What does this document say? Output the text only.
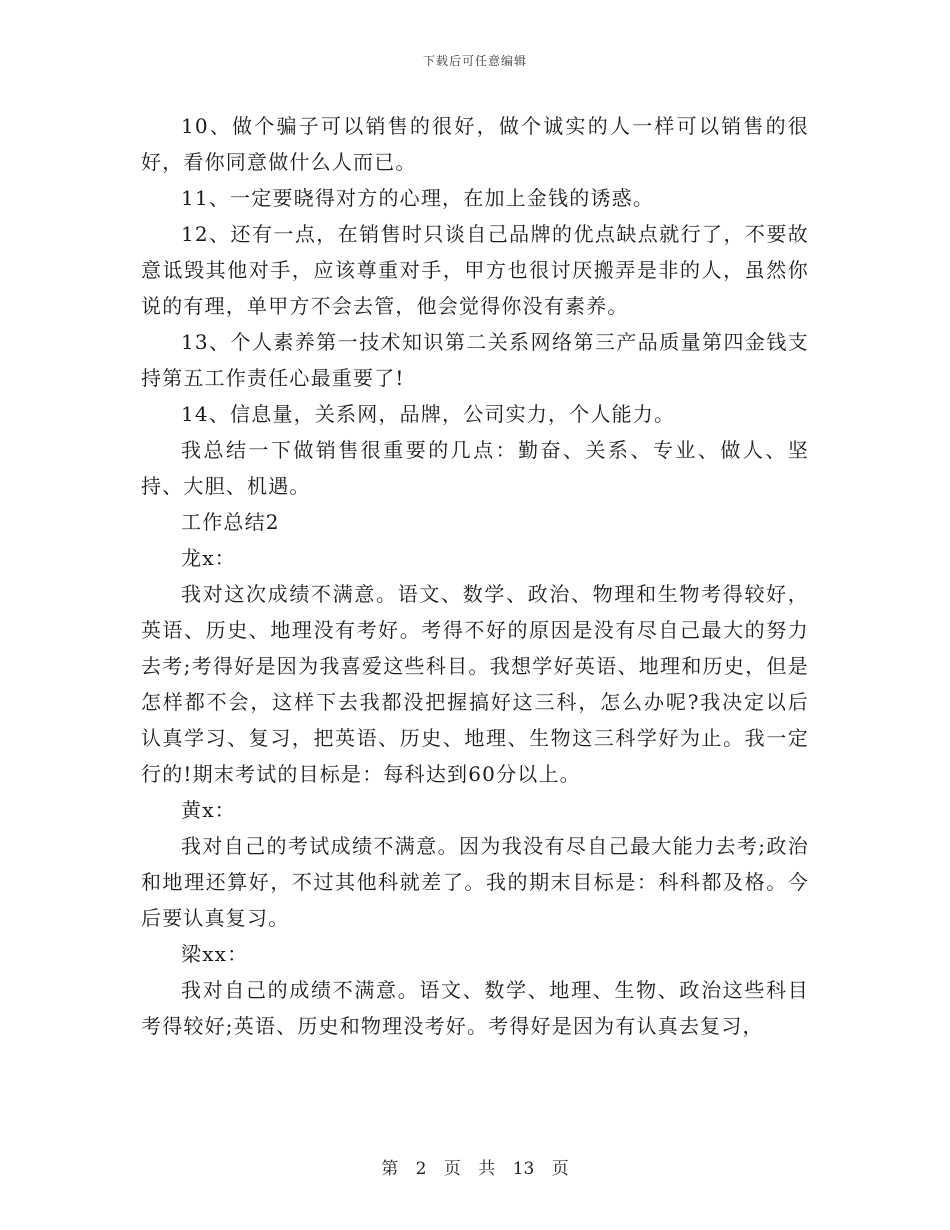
下载后可任意编辑

10、做个骗子可以销售的很好，做个诚实的人一样可以销售的很好，看你同意做什么人而已。

11、一定要晓得对方的心理，在加上金钱的诱惑。

12、还有一点，在销售时只谈自己品牌的优点缺点就行了，不要故意诋毁其他对手，应该尊重对手，甲方也很讨厌搬弄是非的人，虽然你说的有理，单甲方不会去管，他会觉得你没有素养。

13、个人素养第一技术知识第二关系网络第三产品质量第四金钱支持第五工作责任心最重要了!

14、信息量，关系网，品牌，公司实力，个人能力。

我总结一下做销售很重要的几点：勤奋、关系、专业、做人、坚持、大胆、机遇。

工作总结2

龙x：

我对这次成绩不满意。语文、数学、政治、物理和生物考得较好，英语、历史、地理没有考好。考得不好的原因是没有尽自己最大的努力去考;考得好是因为我喜爱这些科目。我想学好英语、地理和历史，但是怎样都不会，这样下去我都没把握搞好这三科，怎么办呢?我决定以后认真学习、复习，把英语、历史、地理、生物这三科学好为止。我一定行的!期末考试的目标是：每科达到60分以上。

黄x：

我对自己的考试成绩不满意。因为我没有尽自己最大能力去考;政治和地理还算好，不过其他科就差了。我的期末目标是：科科都及格。今后要认真复习。

梁xx：

我对自己的成绩不满意。语文、数学、地理、生物、政治这些科目考得较好;英语、历史和物理没考好。考得好是因为有认真去复习，

第 2 页 共 13 页
